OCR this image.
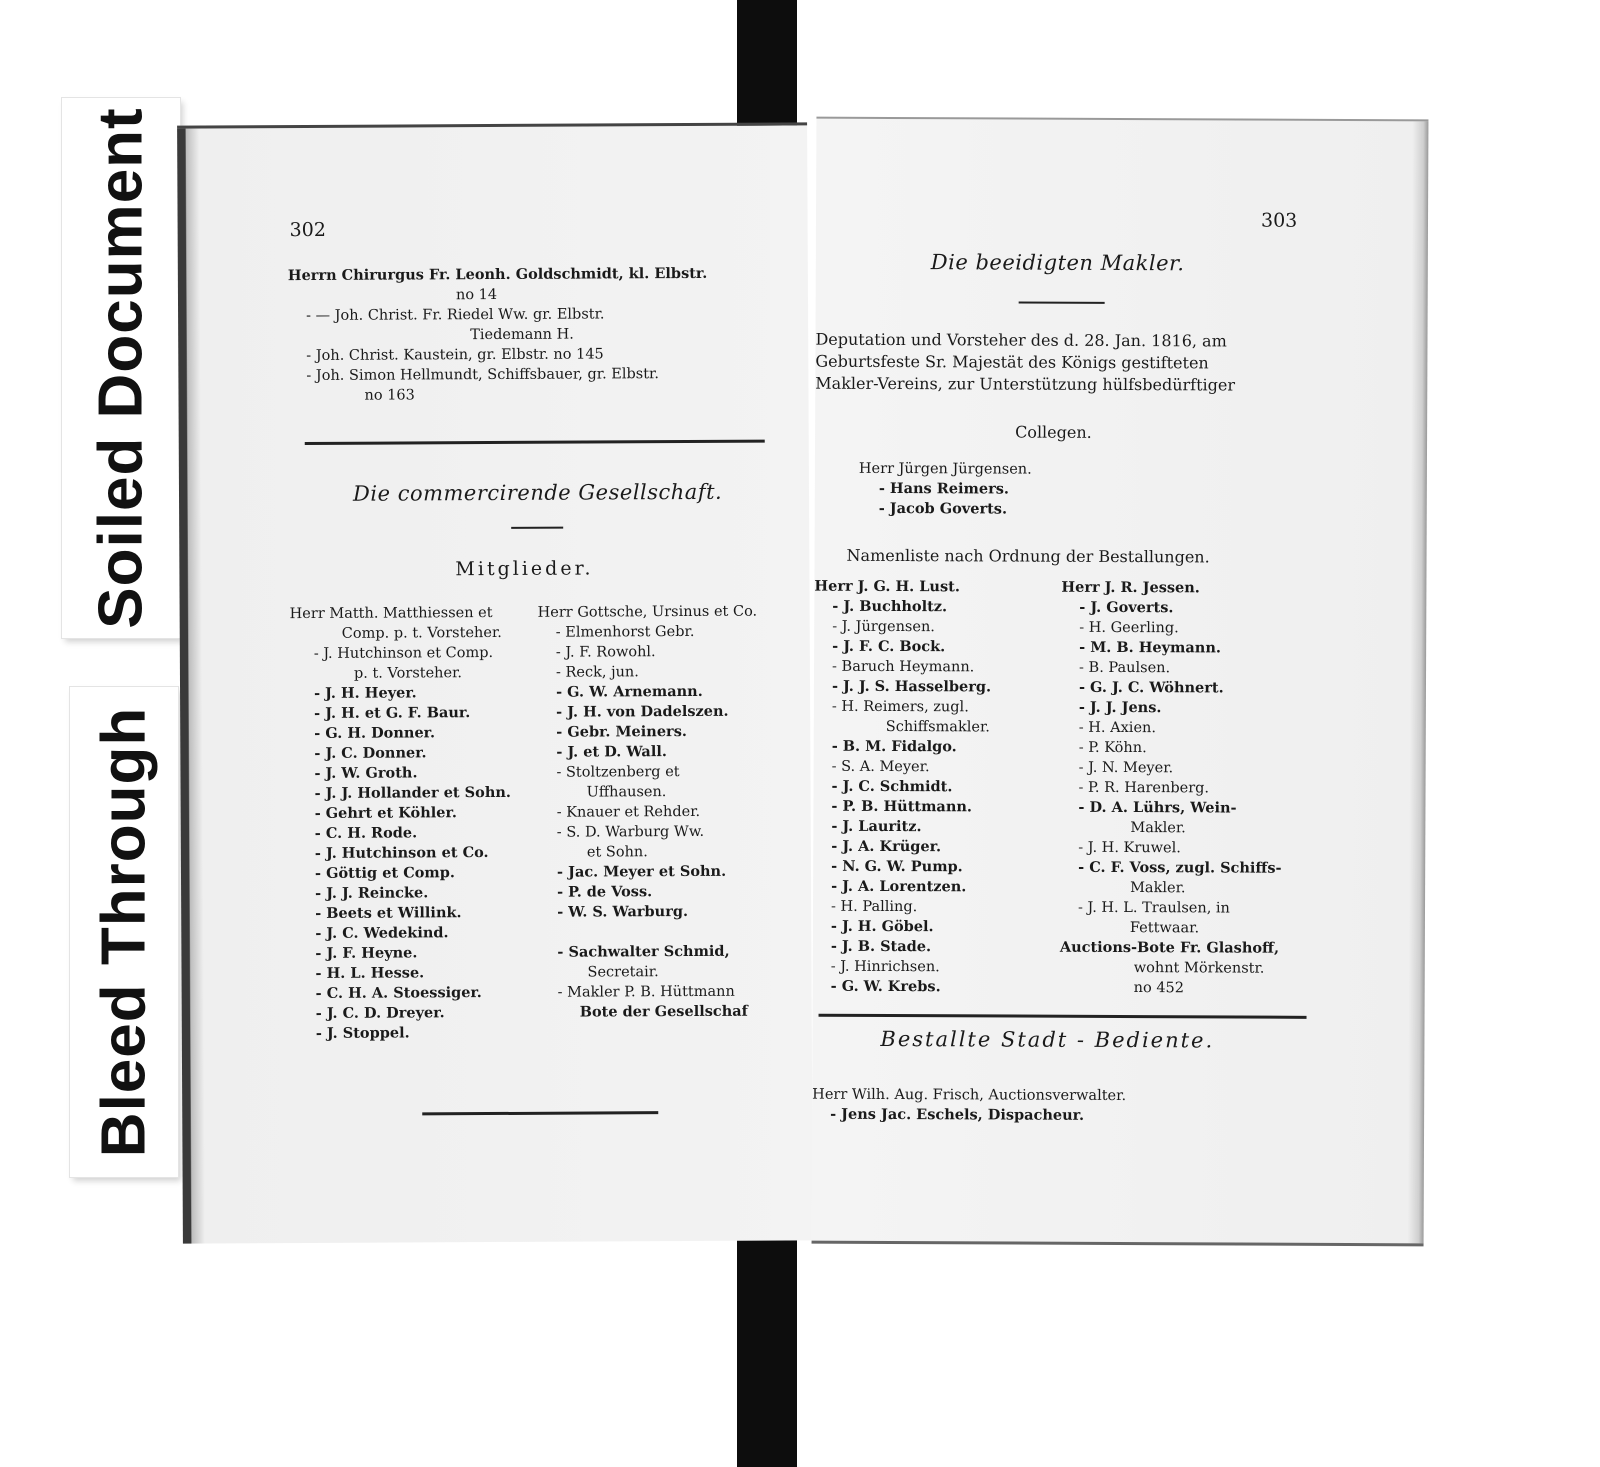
Soiled Document
Bleed Through
302
Herrn Chirurgus Fr. Leonh. Goldschmidt, kl. Elbstr.
no 14
- — Joh. Christ. Fr. Riedel Ww. gr. Elbstr.
Tiedemann H.
- Joh. Christ. Kaustein, gr. Elbstr. no 145
- Joh. Simon Hellmundt, Schiffsbauer, gr. Elbstr.
no 163
Die commercirende Gesellschaft.
Mitglieder.
Herr Matth. Matthiessen et
Comp. p. t. Vorsteher.
- J. Hutchinson et Comp.
p. t. Vorsteher.
- J. H. Heyer.
- J. H. et G. F. Baur.
- G. H. Donner.
- J. C. Donner.
- J. W. Groth.
- J. J. Hollander et Sohn.
- Gehrt et Köhler.
- C. H. Rode.
- J. Hutchinson et Co.
- Göttig et Comp.
- J. J. Reincke.
- Beets et Willink.
- J. C. Wedekind.
- J. F. Heyne.
- H. L. Hesse.
- C. H. A. Stoessiger.
- J. C. D. Dreyer.
- J. Stoppel.
Herr Gottsche, Ursinus et Co.
- Elmenhorst Gebr.
- J. F. Rowohl.
- Reck, jun.
- G. W. Arnemann.
- J. H. von Dadelszen.
- Gebr. Meiners.
- J. et D. Wall.
- Stoltzenberg et
Uffhausen.
- Knauer et Rehder.
- S. D. Warburg Ww.
et Sohn.
- Jac. Meyer et Sohn.
- P. de Voss.
- W. S. Warburg.
- Sachwalter Schmid,
Secretair.
- Makler P. B. Hüttmann
Bote der Gesellschaf
303
Die beeidigten Makler.
Deputation und Vorsteher des d. 28. Jan. 1816, am
Geburtsfeste Sr. Majestät des Königs gestifteten
Makler-Vereins, zur Unterstützung hülfsbedürftiger
Collegen.
Herr Jürgen Jürgensen.
- Hans Reimers.
- Jacob Goverts.
Namenliste nach Ordnung der Bestallungen.
Herr J. G. H. Lust.
- J. Buchholtz.
- J. Jürgensen.
- J. F. C. Bock.
- Baruch Heymann.
- J. J. S. Hasselberg.
- H. Reimers, zugl.
Schiffsmakler.
- B. M. Fidalgo.
- S. A. Meyer.
- J. C. Schmidt.
- P. B. Hüttmann.
- J. Lauritz.
- J. A. Krüger.
- N. G. W. Pump.
- J. A. Lorentzen.
- H. Palling.
- J. H. Göbel.
- J. B. Stade.
- J. Hinrichsen.
- G. W. Krebs.
Herr J. R. Jessen.
- J. Goverts.
- H. Geerling.
- M. B. Heymann.
- B. Paulsen.
- G. J. C. Wöhnert.
- J. J. Jens.
- H. Axien.
- P. Köhn.
- J. N. Meyer.
- P. R. Harenberg.
- D. A. Lührs, Wein-
Makler.
- J. H. Kruwel.
- C. F. Voss, zugl. Schiffs-
Makler.
- J. H. L. Traulsen, in
Fettwaar.
Auctions-Bote Fr. Glashoff,
wohnt Mörkenstr.
no 452
Bestallte Stadt - Bediente.
Herr Wilh. Aug. Frisch, Auctionsverwalter.
- Jens Jac. Eschels, Dispacheur.
